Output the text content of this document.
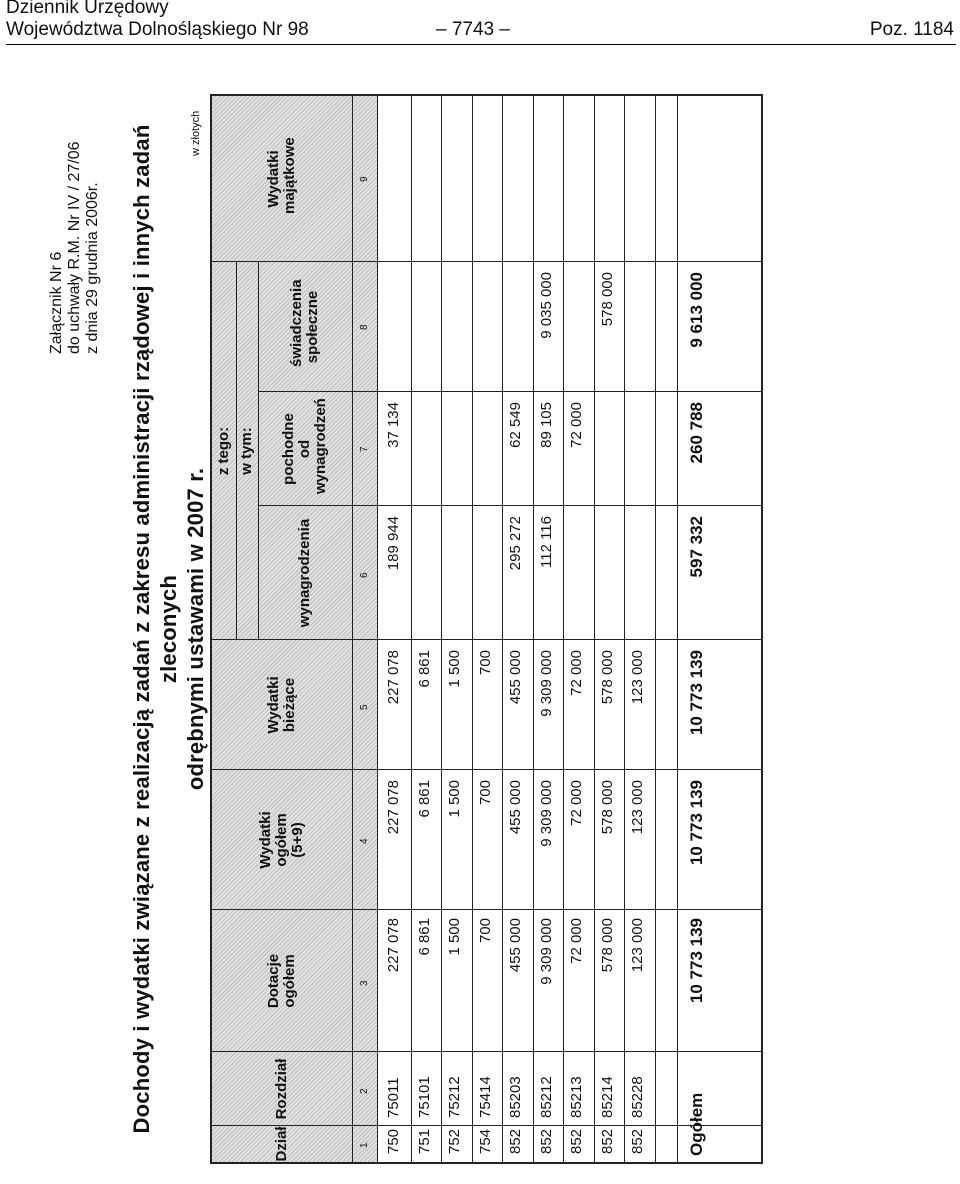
Dziennik Urzędowy
Województwa Dolnośląskiego Nr 98	– 7743 –	Poz. 1184
Załącznik Nr 6 do uchwały R.M. Nr IV / 27/06 z dnia 29 grudnia 2006r. Dochody i wydatki związane z realizacją zadań z zakresu administracji rządowej i innych zadań zleconych odrębnymi ustawami w 2007 r.
w złotych
Dział
Rozdział
Dotacje ogółem
Wydatki ogółem (5+9)
Wydatki bieżące
z tego: w tym:
wynagrodzenia
pochodne od wynagrodzeń
świadczenia społeczne
Wydatki majątkowe
1
2
3
4
5
6
7
8
9
750
75011
227 078
227 078
227 078
189 944
37 134
751
75101
6 861
6 861
6 861
752
75212
1 500
1 500
1 500
754
75414
700
700
700
852
85203
455 000
455 000
455 000
295 272
62 549
852
85212
9 309 000
9 309 000
9 309 000
112 116
89 105
9 035 000
852
85213
72 000
72 000
72 000
72 000
852
85214
578 000
578 000
578 000
578 000
852
85228
123 000
123 000
123 000
Ogółem
10 773 139
10 773 139
10 773 139
597 332
260 788
9 613 000
